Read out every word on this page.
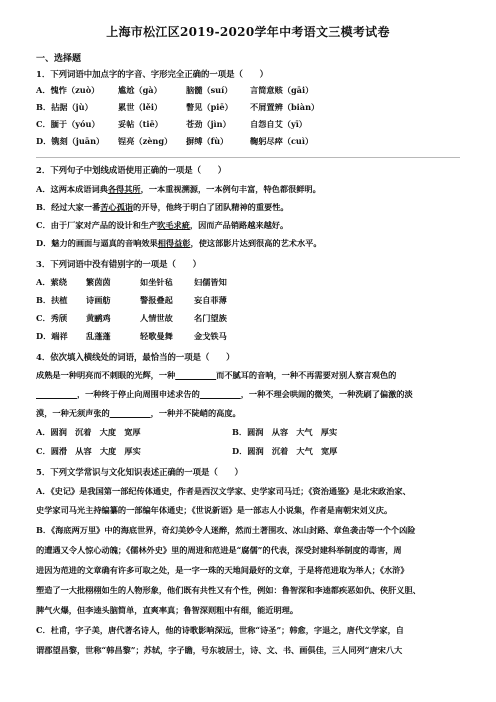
上海市松江区2019-2020学年中考语文三模考试卷
一、选择题
1．下列词语中加点字的字音、字形完全正确的一项是（　　）
A．愧怍（zuò） 尴尬（gà）	脑髓（suí） 言简意赅（gāi）
B．拈据（jù）	累世（lěi）	瞥见（piē） 不屑置辨（biàn）
C．腼于（yóu） 妥帖（tiē）	苍劲（jìn） 自怨自艾（yī）
D．镌刻（juān） 锃亮（zèng） 摒缚（fù）	鞠躬尽瘁（cuì）
2．下列句子中划线成语使用正确的一项是（　　）
A．这两本成语词典各得其所，一本重视溯源，一本例句丰富，特色都很鲜明。
B．经过大家一番苦心孤诣的开导，他终于明白了团队精神的重要性。
C．由于厂家对产品的设计和生产吹毛求疵，因而产品销路越来越好。
D．魅力的画面与逼真的音响效果相得益彰，使这部影片达到很高的艺术水平。
3．下列词语中没有错别字的一项是（　　）
A．萦绕 繁茵茵	如坐针毡	妇儒皆知
B．扶植 诗画舫	警报叠起	妄自菲薄
C．秀颀 黄鹂鸡	人情世故	名门望族
D．端祥 乱蓬蓬	轻歌曼舞	金戈铁马
4．依次填入横线处的词语，最恰当的一项是（　　）
成熟是一种明亮而不刺眼的光辉，一种　　　　　	而不腻耳的音响，一种不再需要对别人察言观色的
　　　　　，一种终于停止向周围申述求告的　　　　　	，一种不理会哄闹的微笑，一种洗刷了偏激的淡
漠，一种无须声张的　　　　　	，一种并不陡峭的高度。
A．圆润　沉着　大度　宽厚	B．圆润　从容　大气　厚实
C．圆滑　从容　大度　厚实	D．圆润　沉着　大气　宽厚
5．下列文学常识与文化知识表述正确的一项是（　　）
A．《史记》是我国第一部纪传体通史，作者是西汉文学家、史学家司马迁；《资治通鉴》是北宋政治家、
史学家司马光主持编纂的一部编年体通史；《世说新语》是一部志人小说集，作者是南朝宋刘义庆。
B．《海底两万里》中的海底世界，奇幻美妙令人迷醉，然而土著围攻、冰山封路、章鱼袭击等一个个凶险
的遭遇又令人惊心动魄；《儒林外史》里的周进和范进是“腐儒”的代表，深受封建科举制度的毒害，周
进因为范进的文章确有许多可取之处，是一字一珠的天地间最好的文章，于是将范进取为举人；《水浒》
塑造了一大批栩栩如生的人物形象，他们既有共性又有个性，例如：鲁智深和李逵都疾恶如仇、侠肝义胆、
脾气火爆，但李逵头脑简单，直爽率真；鲁智深则粗中有细，能近明理。
C．杜甫，字子美，唐代著名诗人，他的诗歌影响深远，世称“诗圣”；韩愈，字退之，唐代文学家，自
谓郡望昌黎，世称“韩昌黎”；苏轼，字子瞻，号东坡居士，诗、文、书、画俱佳，三人同列“唐宋八大
